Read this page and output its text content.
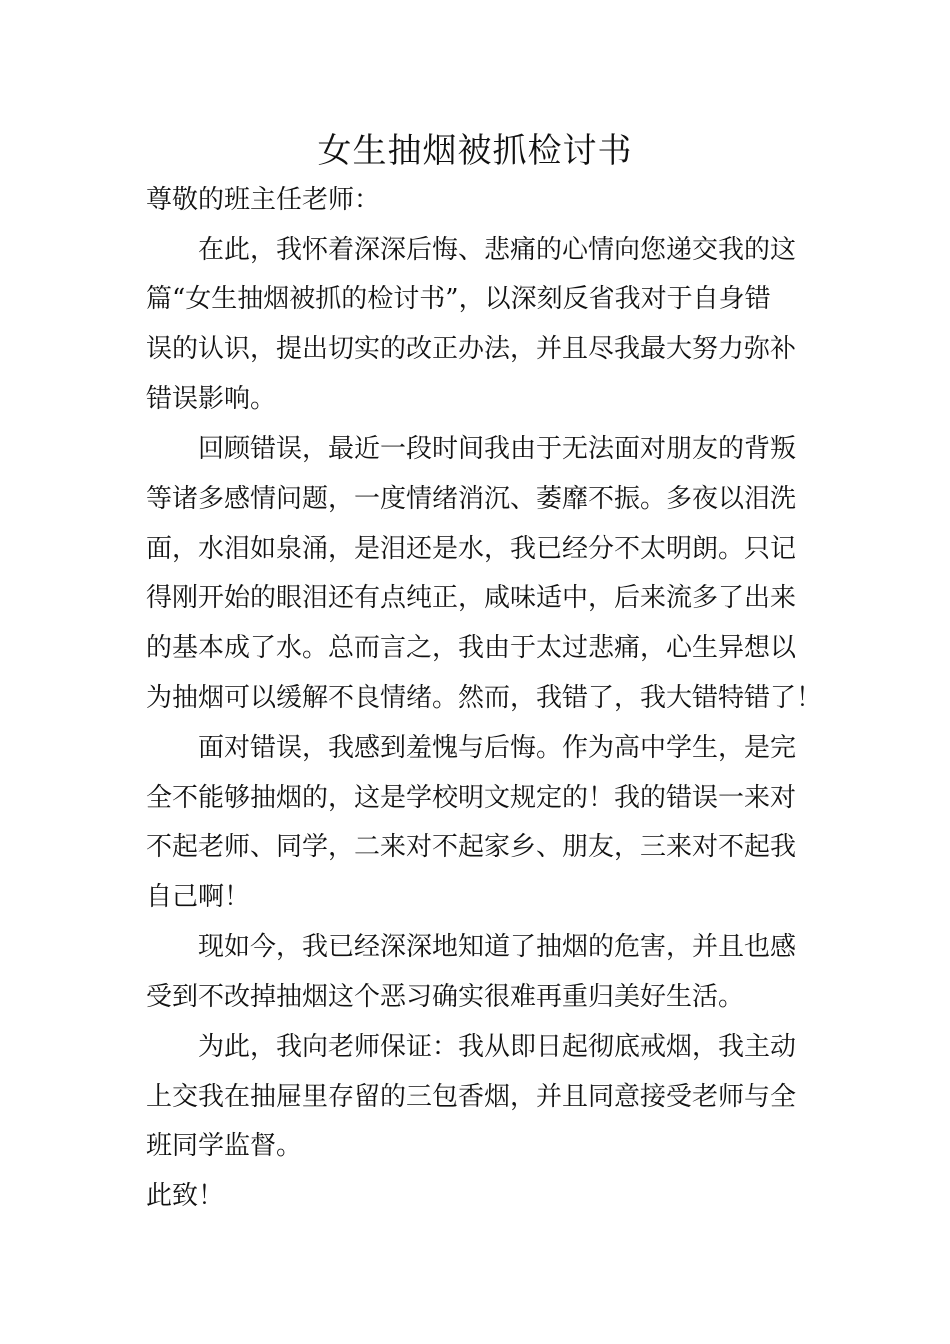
女生抽烟被抓检讨书
尊敬的班主任老师：
在此，我怀着深深后悔、悲痛的心情向您递交我的这
篇“女生抽烟被抓的检讨书”，以深刻反省我对于自身错
误的认识，提出切实的改正办法，并且尽我最大努力弥补
错误影响。
回顾错误，最近一段时间我由于无法面对朋友的背叛
等诸多感情问题，一度情绪消沉、萎靡不振。多夜以泪洗
面，水泪如泉涌，是泪还是水，我已经分不太明朗。只记
得刚开始的眼泪还有点纯正，咸味适中，后来流多了出来
的基本成了水。总而言之，我由于太过悲痛，心生异想以
为抽烟可以缓解不良情绪。然而，我错了，我大错特错了！
面对错误，我感到羞愧与后悔。作为高中学生，是完
全不能够抽烟的，这是学校明文规定的！我的错误一来对
不起老师、同学，二来对不起家乡、朋友，三来对不起我
自己啊！
现如今，我已经深深地知道了抽烟的危害，并且也感
受到不改掉抽烟这个恶习确实很难再重归美好生活。
为此，我向老师保证：我从即日起彻底戒烟，我主动
上交我在抽屉里存留的三包香烟，并且同意接受老师与全
班同学监督。
此致！
